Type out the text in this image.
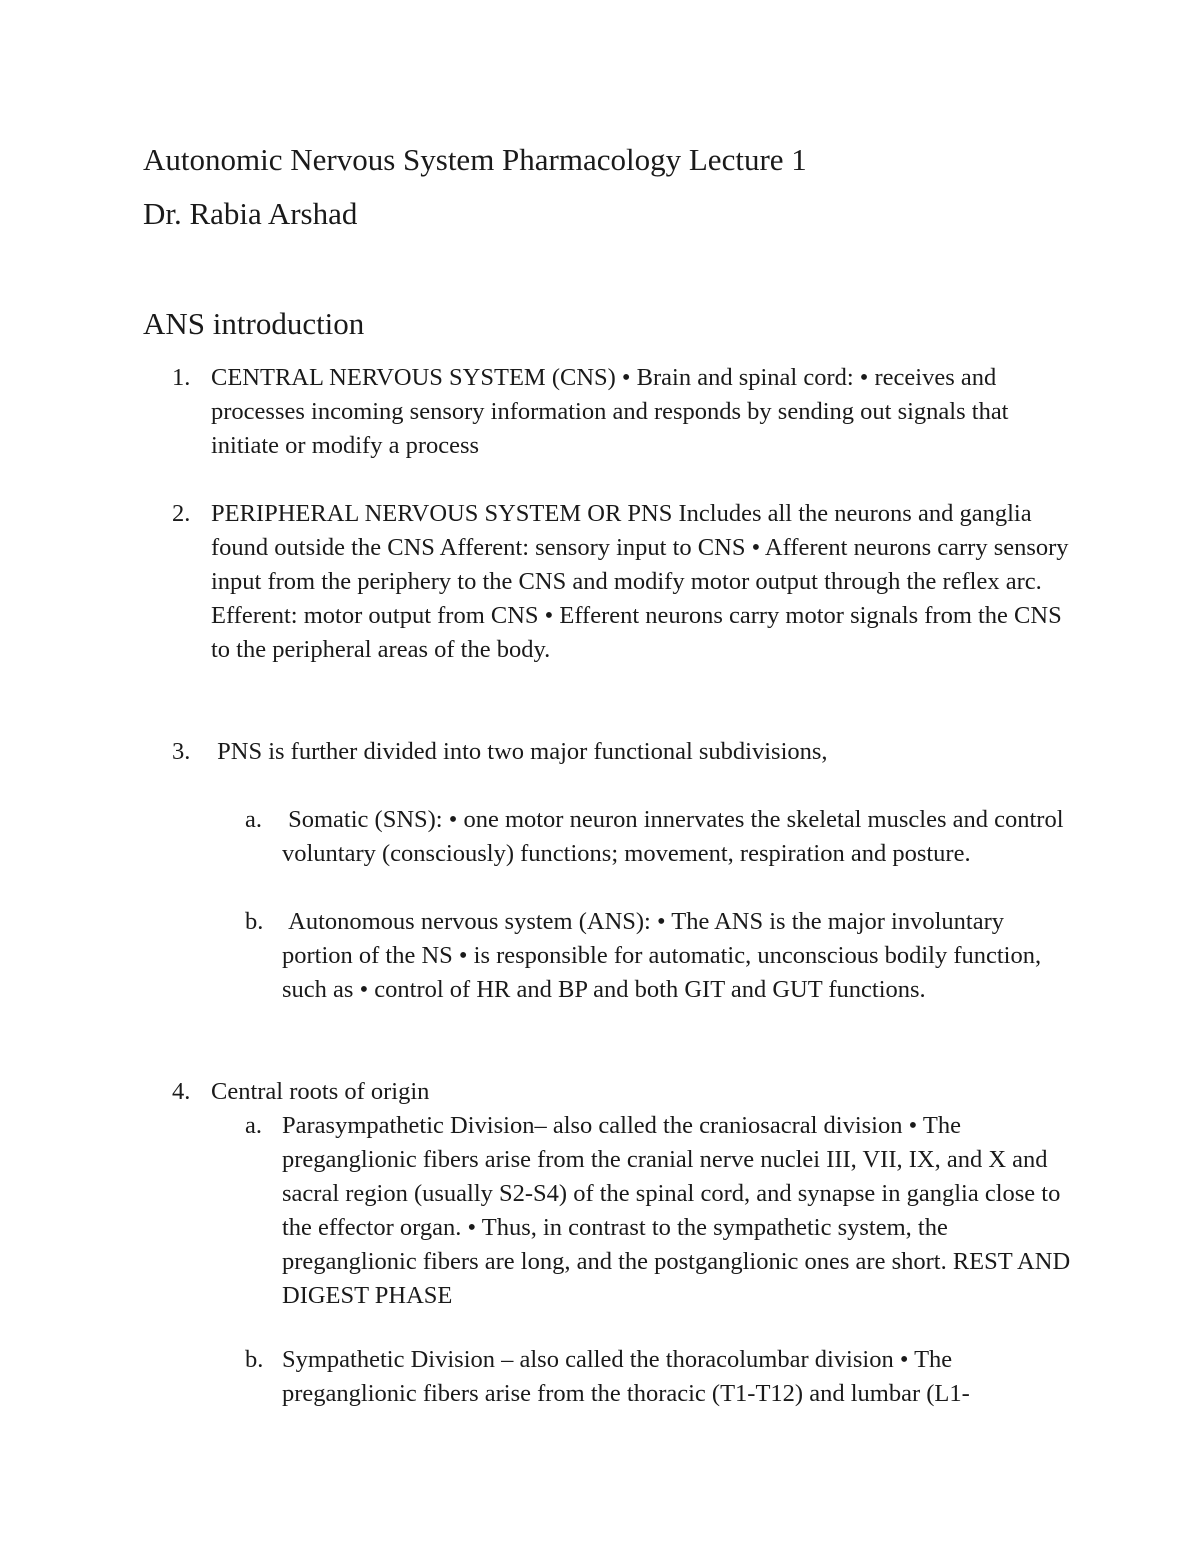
Autonomic Nervous System Pharmacology Lecture 1

Dr. Rabia Arshad

ANS introduction
1. CENTRAL NERVOUS SYSTEM (CNS) • Brain and spinal cord: • receives and processes incoming sensory information and responds by sending out signals that initiate or modify a process
2. PERIPHERAL NERVOUS SYSTEM OR PNS Includes all the neurons and ganglia found outside the CNS Afferent: sensory input to CNS • Afferent neurons carry sensory input from the periphery to the CNS and modify motor output through the reflex arc. Efferent: motor output from CNS • Efferent neurons carry motor signals from the CNS to the peripheral areas of the body.
3. PNS is further divided into two major functional subdivisions,
a. Somatic (SNS): • one motor neuron innervates the skeletal muscles and control voluntary (consciously) functions; movement, respiration and posture.
b. Autonomous nervous system (ANS): • The ANS is the major involuntary portion of the NS • is responsible for automatic, unconscious bodily function, such as • control of HR and BP and both GIT and GUT functions.
4. Central roots of origin
a. Parasympathetic Division– also called the craniosacral division • The preganglionic fibers arise from the cranial nerve nuclei III, VII, IX, and X and sacral region (usually S2-S4) of the spinal cord, and synapse in ganglia close to the effector organ. • Thus, in contrast to the sympathetic system, the preganglionic fibers are long, and the postganglionic ones are short. REST AND DIGEST PHASE
b. Sympathetic Division – also called the thoracolumbar division • The preganglionic fibers arise from the thoracic (T1-T12) and lumbar (L1-
